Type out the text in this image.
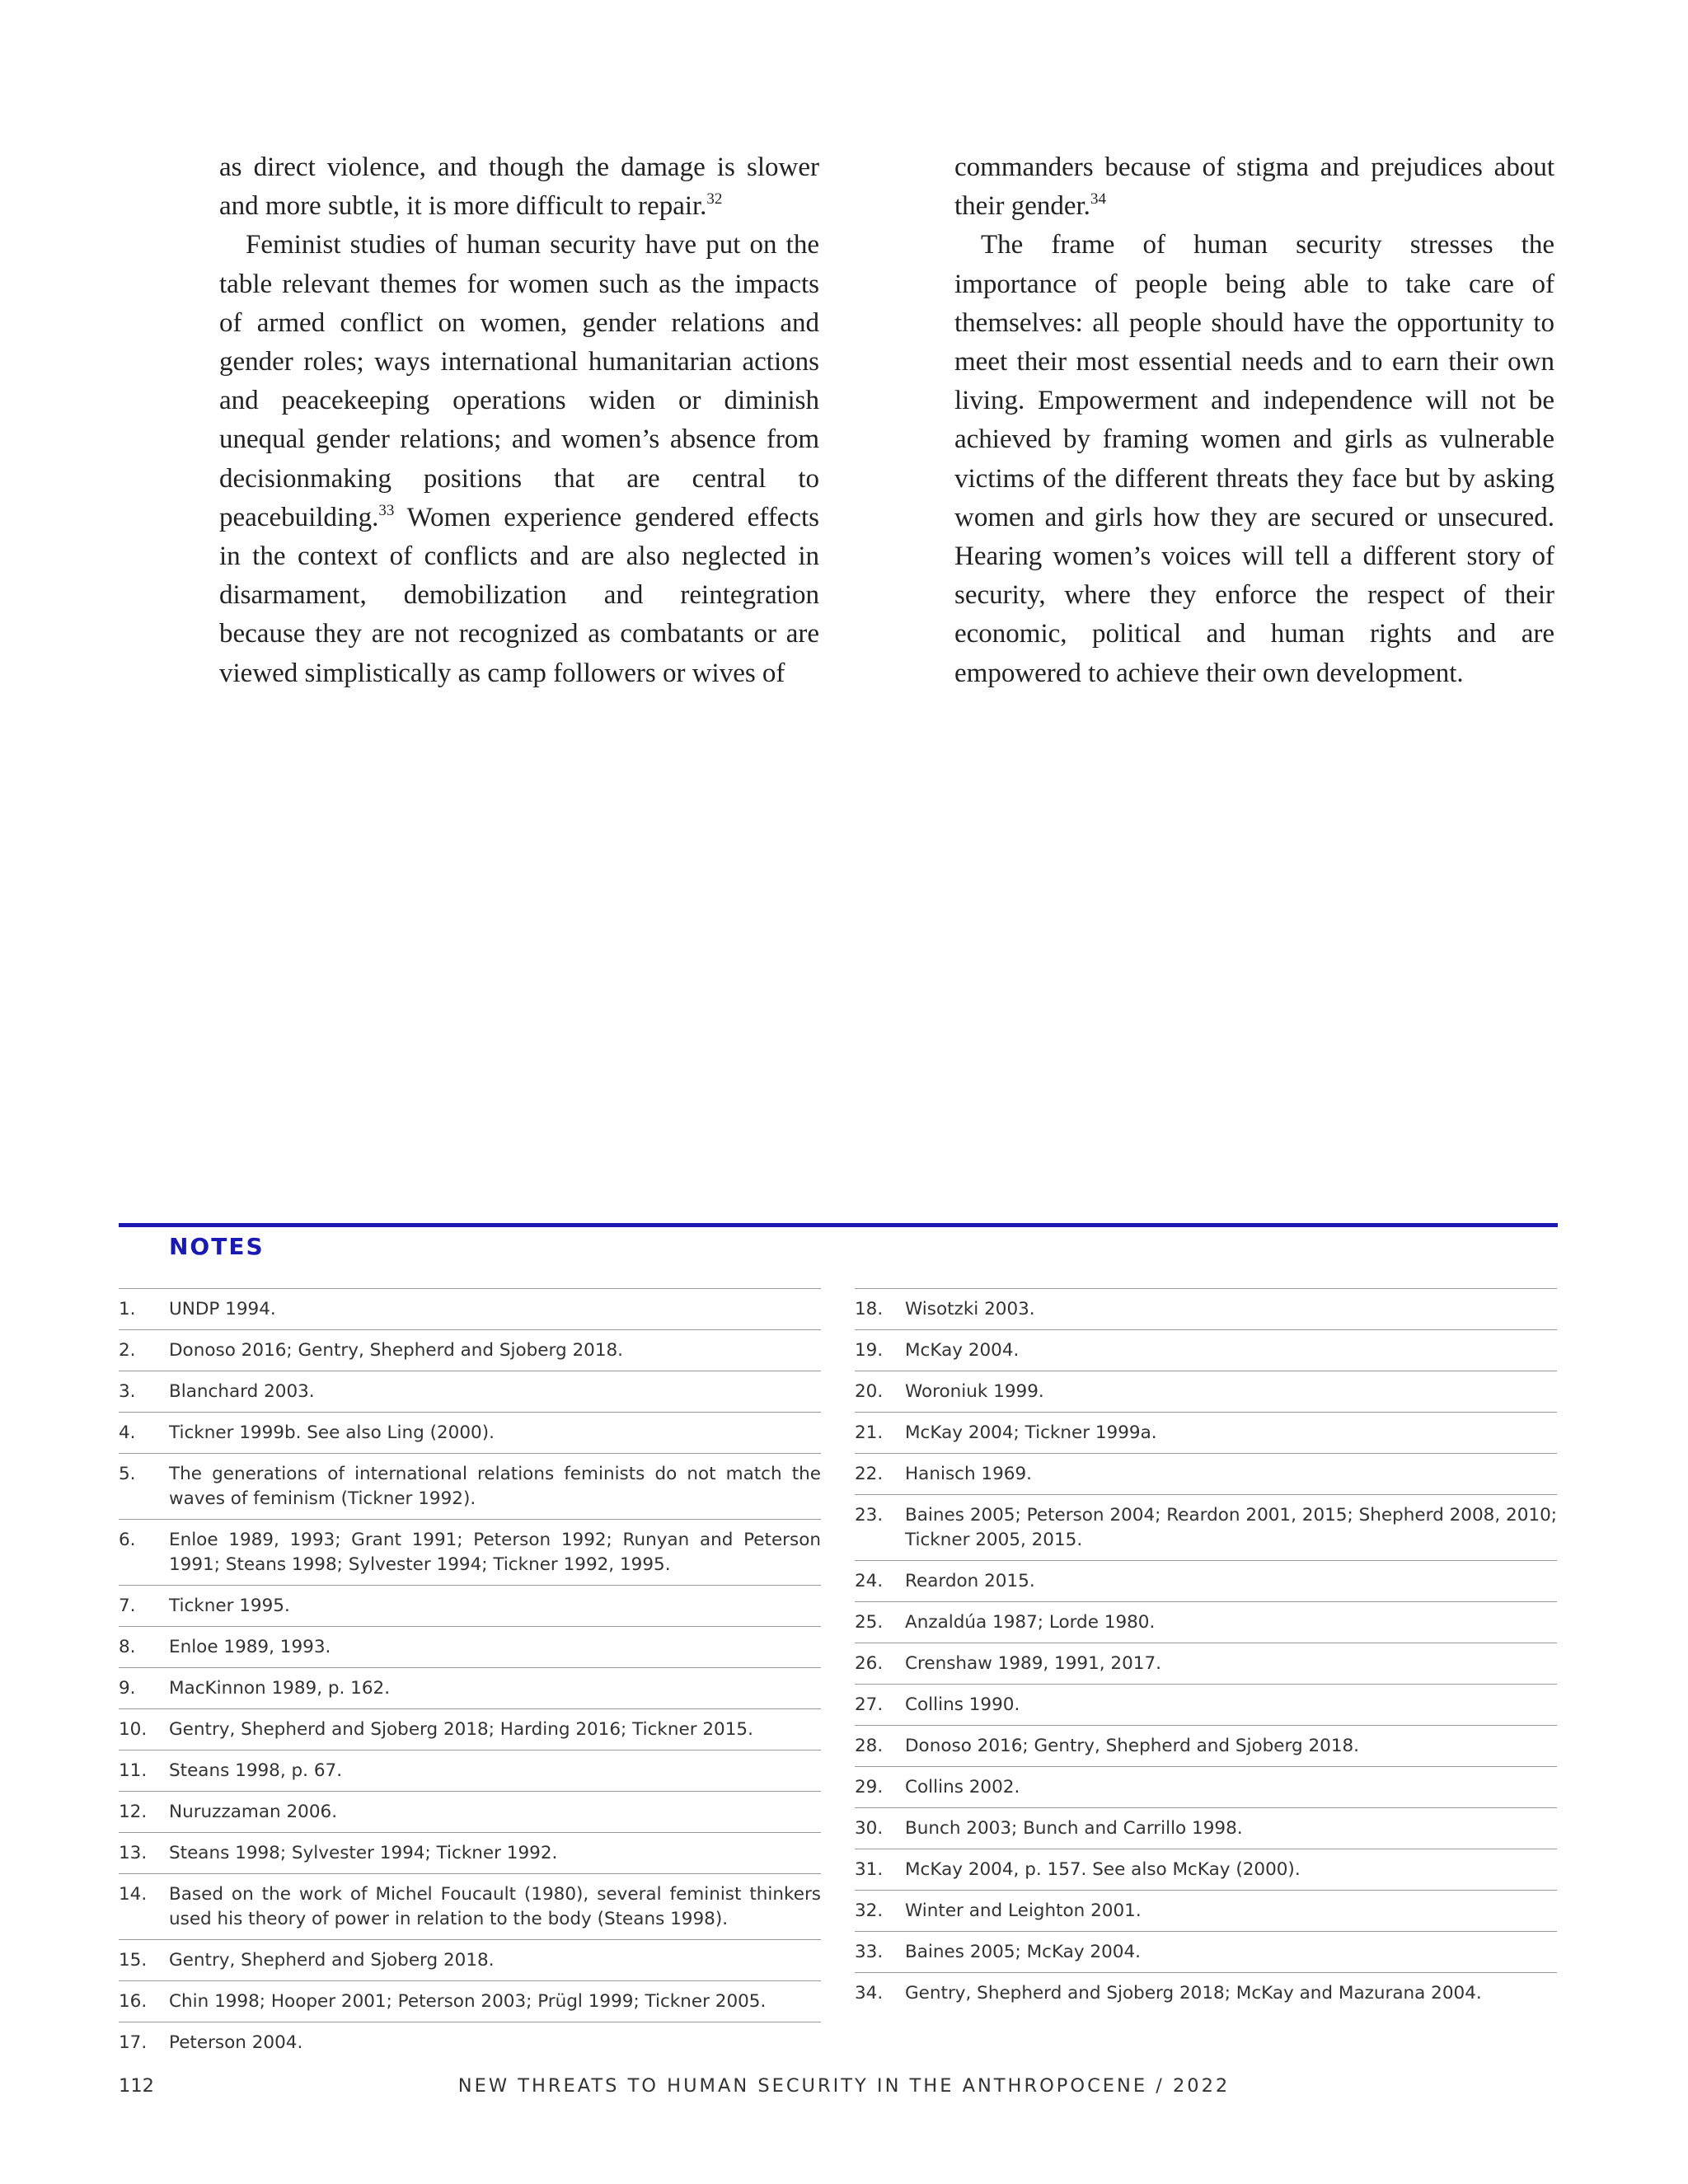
as direct violence, and though the damage is slower and more subtle, it is more difficult to repair.$^{32}$

Feminist studies of human security have put on the table relevant themes for women such as the impacts of armed conflict on women, gender relations and gender roles; ways international humanitarian actions and peacekeeping operations widen or diminish unequal gender relations; and women’s absence from decisionmaking positions that are central to peacebuilding.$^{33}$ Women experience gendered effects in the context of conflicts and are also neglected in disarmament, demobilization and reintegration because they are not recognized as combatants or are viewed simplistically as camp followers or wives of

commanders because of stigma and prejudices about their gender.$^{34}$

The frame of human security stresses the importance of people being able to take care of themselves: all people should have the opportunity to meet their most essential needs and to earn their own living. Empowerment and independence will not be achieved by framing women and girls as vulnerable victims of the different threats they face but by asking women and girls how they are secured or unsecured. Hearing women’s voices will tell a different story of security, where they enforce the respect of their economic, political and human rights and are empowered to achieve their own development.

NOTES
1.	UNDP 1994.
2.	Donoso 2016; Gentry, Shepherd and Sjoberg 2018.
3.	Blanchard 2003.
4.	Tickner 1999b. See also Ling (2000).
5.	The generations of international relations feminists do not match the waves of feminism (Tickner 1992).
6.	Enloe 1989, 1993; Grant 1991; Peterson 1992; Runyan and Peterson 1991; Steans 1998; Sylvester 1994; Tickner 1992, 1995.
7.	Tickner 1995.
8.	Enloe 1989, 1993.
9.	MacKinnon 1989, p. 162.
10.	Gentry, Shepherd and Sjoberg 2018; Harding 2016; Tickner 2015.
11.	Steans 1998, p. 67.
12.	Nuruzzaman 2006.
13.	Steans 1998; Sylvester 1994; Tickner 1992.
14.	Based on the work of Michel Foucault (1980), several feminist thinkers used his theory of power in relation to the body (Steans 1998).
15.	Gentry, Shepherd and Sjoberg 2018.
16.	Chin 1998; Hooper 2001; Peterson 2003; Prügl 1999; Tickner 2005.
17.	Peterson 2004.
18.	Wisotzki 2003.
19.	McKay 2004.
20.	Woroniuk 1999.
21.	McKay 2004; Tickner 1999a.
22.	Hanisch 1969.
23.	Baines 2005; Peterson 2004; Reardon 2001, 2015; Shepherd 2008, 2010; Tickner 2005, 2015.
24.	Reardon 2015.
25.	Anzaldúa 1987; Lorde 1980.
26.	Crenshaw 1989, 1991, 2017.
27.	Collins 1990.
28.	Donoso 2016; Gentry, Shepherd and Sjoberg 2018.
29.	Collins 2002.
30.	Bunch 2003; Bunch and Carrillo 1998.
31.	McKay 2004, p. 157. See also McKay (2000).
32.	Winter and Leighton 2001.
33.	Baines 2005; McKay 2004.
34.	Gentry, Shepherd and Sjoberg 2018; McKay and Mazurana 2004.
112	NEW THREATS TO HUMAN SECURITY IN THE ANTHROPOCENE / 2022
